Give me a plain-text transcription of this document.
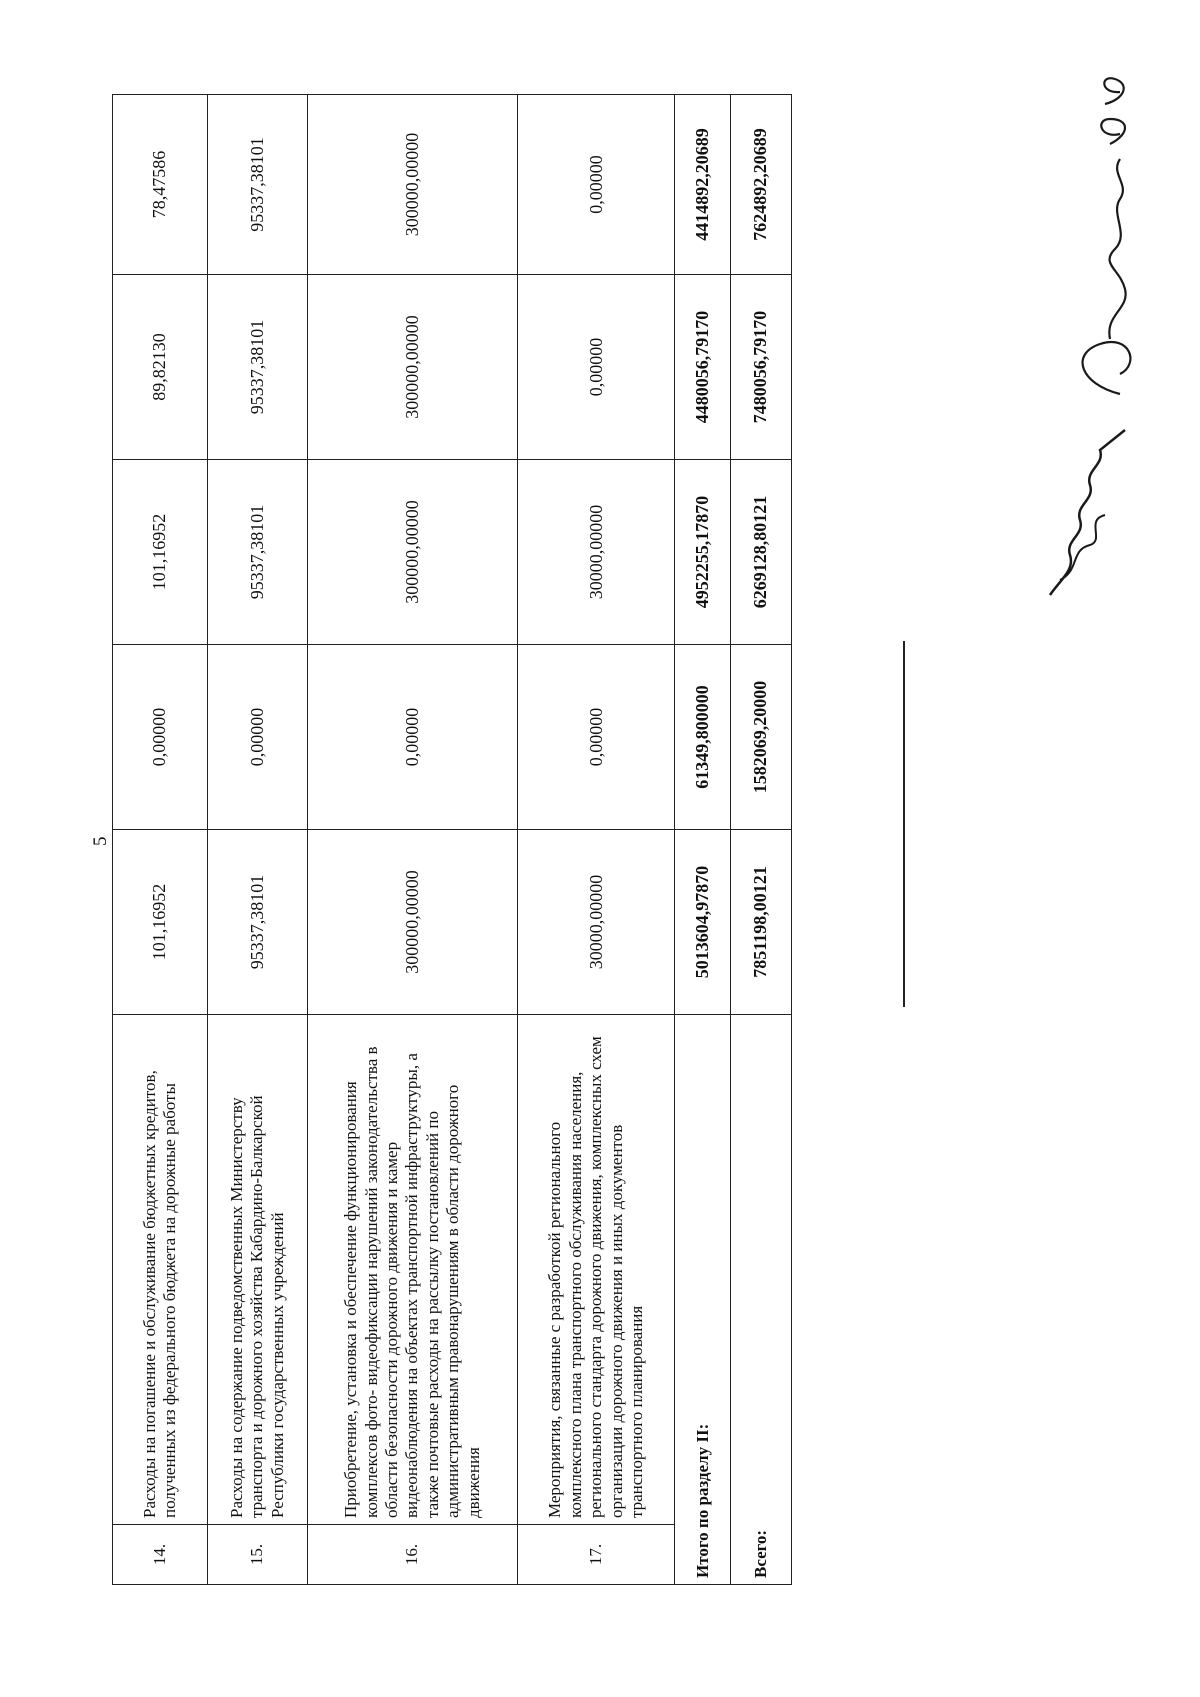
5
14.	Расходы на погашение и обслуживание бюджетных кредитов, полученных из федерального бюджета на дорожные работы	101,16952	0,00000	101,16952	89,82130	78,47586
15.	Расходы на содержание подведомственных Министерству транспорта и дорожного хозяйства Кабардино-Балкарской Республики государственных учреждений	95337,38101	0,00000	95337,38101	95337,38101	95337,38101
16.	Приобретение, установка и обеспечение функционирования комплексов фото- видеофиксации нарушений законодательства в области безопасности дорожного движения и камер видеонаблюдения на объектах транспортной инфраструктуры, а также почтовые расходы на рассылку постановлений по административным правонарушениям в области дорожного движения	300000,00000	0,00000	300000,00000	300000,00000	300000,00000
17.	Мероприятия, связанные с разработкой регионального комплексного плана транспортного обслуживания населения, регионального стандарта дорожного движения, комплексных схем организации дорожного движения и иных документов транспортного планирования	30000,00000	0,00000	30000,00000	0,00000	0,00000
Итого по разделу II:		5013604,97870	61349,800000	4952255,17870	4480056,79170	4414892,20689
Всего:		7851198,00121	1582069,20000	6269128,80121	7480056,79170	7624892,20689
